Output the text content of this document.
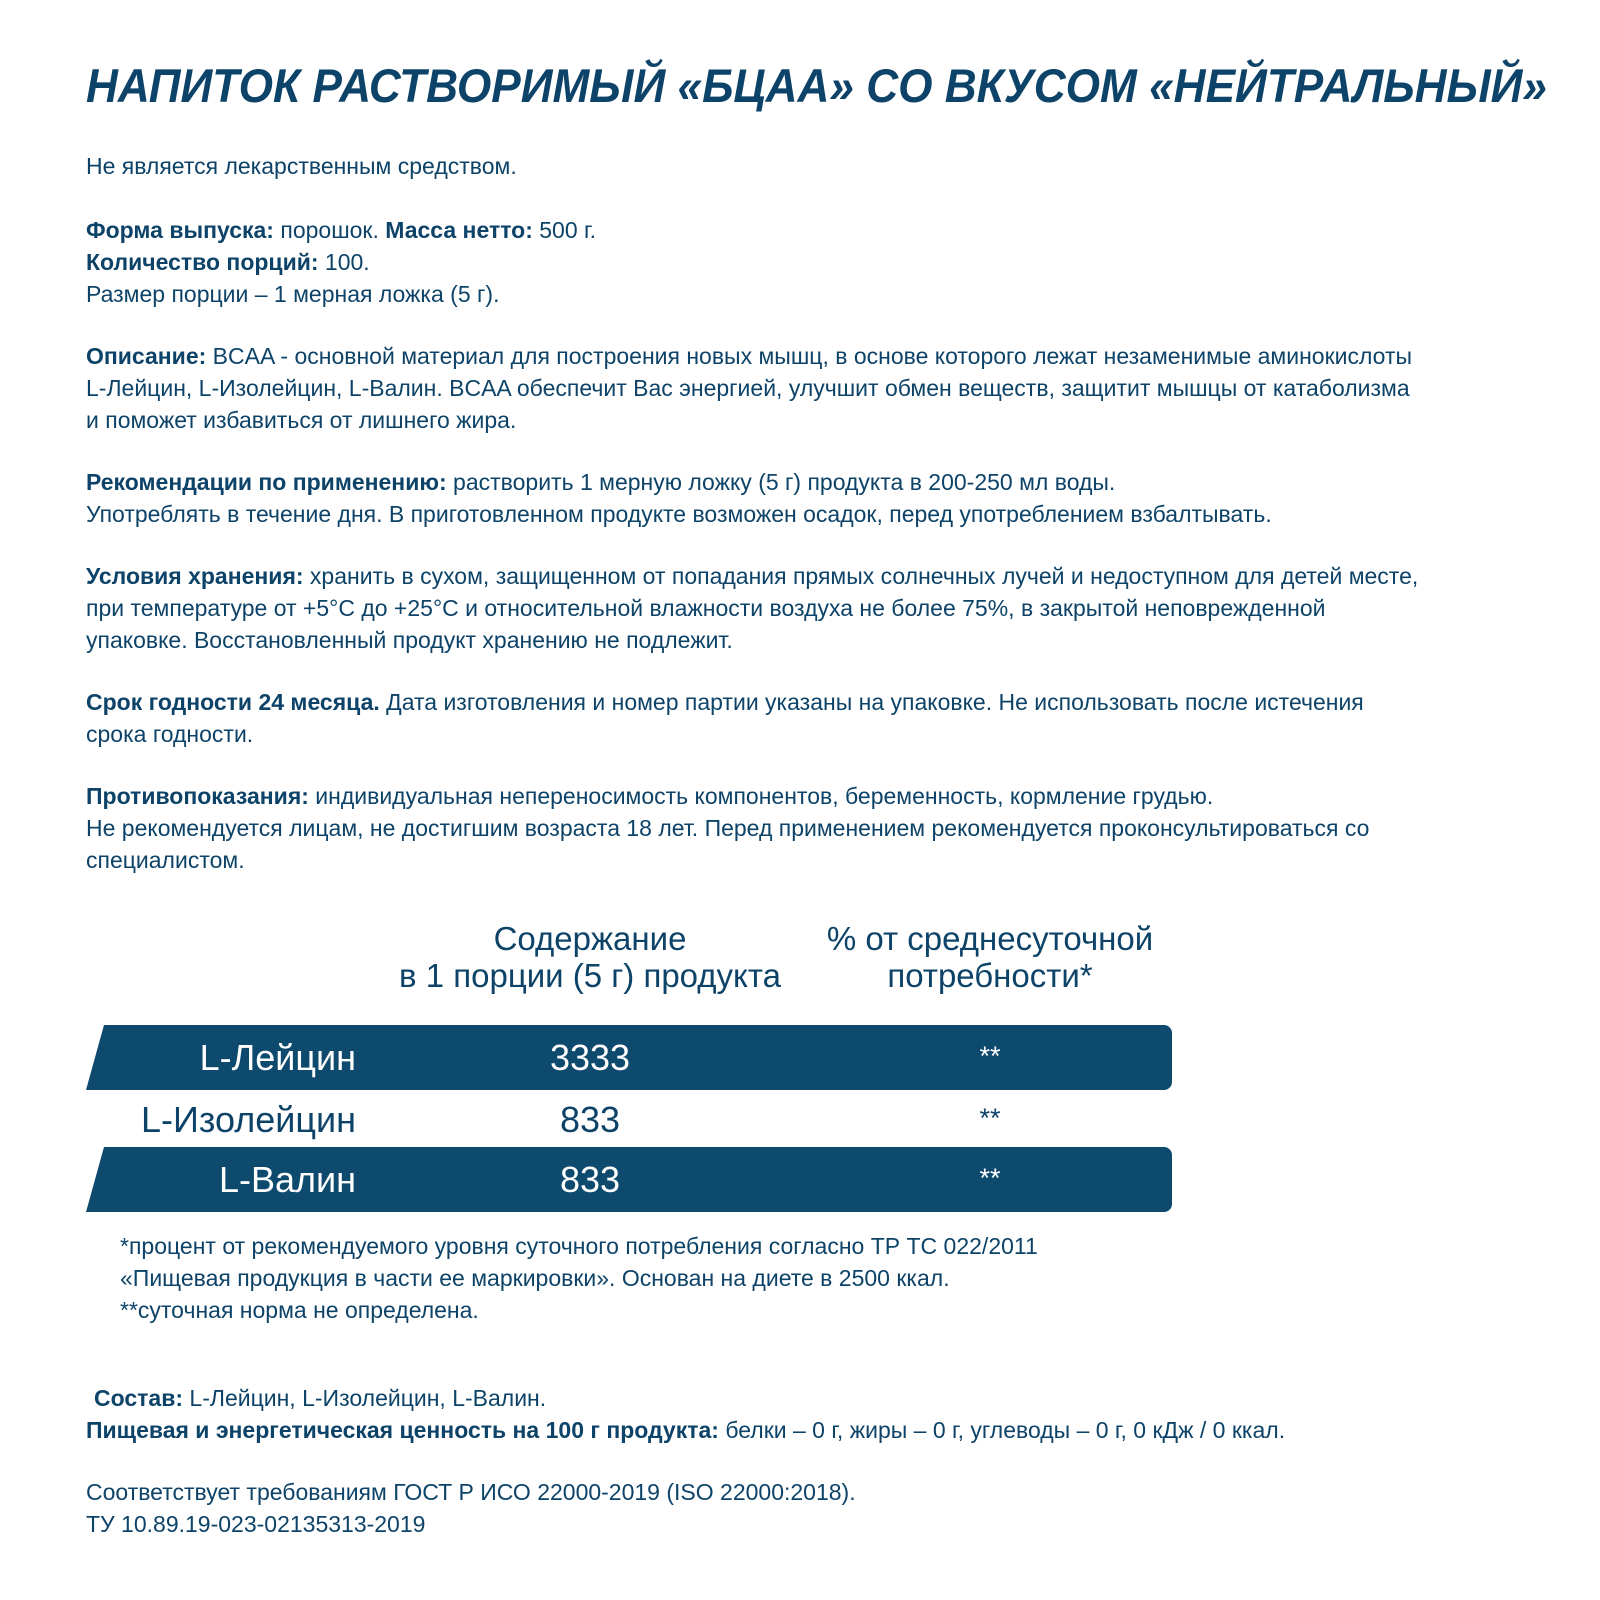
НАПИТОК РАСТВОРИМЫЙ «БЦАА» СО ВКУСОМ «НЕЙТРАЛЬНЫЙ»
Не является лекарственным средством.
Форма выпуска: порошок. Масса нетто: 500 г.
Количество порций: 100.
Размер порции – 1 мерная ложка (5 г).
Описание: BCAA - основной материал для построения новых мышц, в основе которого лежат незаменимые аминокислоты
L-Лейцин, L-Изолейцин, L-Валин. BCAA обеспечит Вас энергией, улучшит обмен веществ, защитит мышцы от катаболизма
и поможет избавиться от лишнего жира.
Рекомендации по применению: растворить 1 мерную ложку (5 г) продукта в 200-250 мл воды.
Употреблять в течение дня. В приготовленном продукте возможен осадок, перед употреблением взбалтывать.
Условия хранения: хранить в сухом, защищенном от попадания прямых солнечных лучей и недоступном для детей месте,
при температуре от +5°C до +25°C и относительной влажности воздуха не более 75%, в закрытой неповрежденной
упаковке. Восстановленный продукт хранению не подлежит.
Срок годности 24 месяца. Дата изготовления и номер партии указаны на упаковке. Не использовать после истечения
срока годности.
Противопоказания: индивидуальная непереносимость компонентов, беременность, кормление грудью.
Не рекомендуется лицам, не достигшим возраста 18 лет. Перед применением рекомендуется проконсультироваться со
специалистом.
Содержание
в 1 порции (5 г) продукта
% от среднесуточной
потребности*
L-Лейцин	3333	**
L-Изолейцин	833	**
L-Валин	833	**
*процент от рекомендуемого уровня суточного потребления согласно ТР ТС 022/2011
«Пищевая продукция в части ее маркировки». Основан на диете в 2500 ккал.
**суточная норма не определена.
Состав: L-Лейцин, L-Изолейцин, L-Валин.
Пищевая и энергетическая ценность на 100 г продукта: белки – 0 г, жиры – 0 г, углеводы – 0 г, 0 кДж / 0 ккал.
Соответствует требованиям ГОСТ Р ИСО 22000-2019 (ISO 22000:2018).
ТУ 10.89.19-023-02135313-2019
